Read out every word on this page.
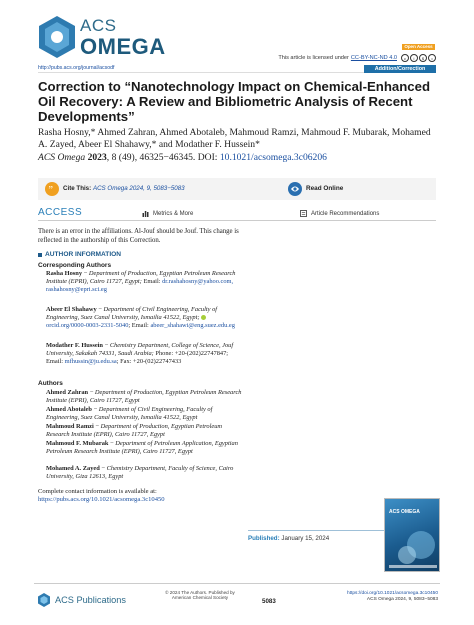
ACS
OMEGA	Open Access
This article is licensed under CC-BY-NC-ND 4.0	c	i	$	=
http://pubs.acs.org/journal/acsodf	Addition/Correction
Correction to “Nanotechnology Impact on Chemical-Enhanced Oil Recovery: A Review and Bibliometric Analysis of Recent Developments”
Rasha Hosny,* Ahmed Zahran, Ahmed Abotaleb, Mahmoud Ramzi, Mahmoud F. Mubarak, Mohamed A. Zayed, Abeer El Shahawy,* and Modather F. Hussein*
ACS Omega 2023, 8 (49), 46325−46345. DOI: 10.1021/acsomega.3c06206
” Cite This: ACS Omega 2024, 9, 5083−5083	Read Online
ACCESS	Metrics & More	Article Recommendations
There is an error in the affiliations. Al-Jouf should be Jouf. This change is reflected in the authorship of this Correction.
AUTHOR INFORMATION
Corresponding Authors
Rasha Hosny − Department of Production, Egyptian Petroleum Research Institute (EPRI), Cairo 11727, Egypt; Email: dr.rashahosny@yahoo.com, rashahosny@epri.sci.eg
Abeer El Shahawy − Department of Civil Engineering, Faculty of Engineering, Suez Canal University, Ismailia 41522, Egypt;  orcid.org/0000-0003-2331-5040; Email: abeer_shahawi@eng.suez.edu.eg
Modather F. Hussein − Chemistry Department, College of Science, Jouf University, Sakakah 74331, Saudi Arabia; Phone: +20-(202)22747847; Email: mfhussin@ju.edu.sa; Fax: +20-(02)22747433
Authors
Ahmed Zahran − Department of Production, Egyptian Petroleum Research Institute (EPRI), Cairo 11727, Egypt
Ahmed Abotaleb − Department of Civil Engineering, Faculty of Engineering, Suez Canal University, Ismailia 41522, Egypt
Mahmoud Ramzi − Department of Production, Egyptian Petroleum Research Institute (EPRI), Cairo 11727, Egypt
Mahmoud F. Mubarak − Department of Petroleum Application, Egyptian Petroleum Research Institute (EPRI), Cairo 11727, Egypt
Mohamed A. Zayed − Chemistry Department, Faculty of Science, Cairo University, Giza 12613, Egypt
Complete contact information is available at:
https://pubs.acs.org/10.1021/acsomega.3c10450
Published: January 15, 2024
ACS OMEGA
ACS Publications
© 2024 The Authors. Published by
American Chemical Society
5083
https://doi.org/10.1021/acsomega.3c10450
ACS Omega 2024, 9, 5083−5083
